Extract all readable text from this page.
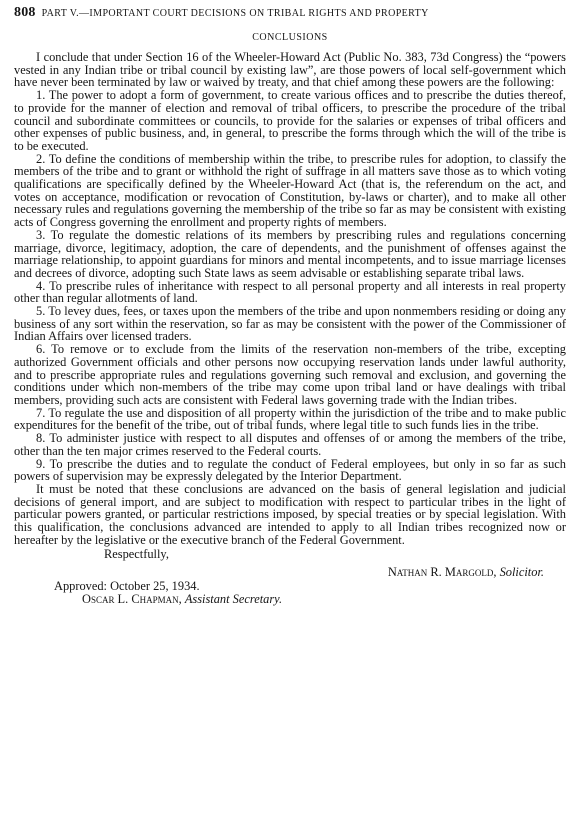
808 PART V.—IMPORTANT COURT DECISIONS ON TRIBAL RIGHTS AND PROPERTY
CONCLUSIONS

I conclude that under Section 16 of the Wheeler-Howard Act (Public No. 383, 73d Congress) the “powers vested in any Indian tribe or tribal council by existing law”, are those powers of local self-government which have never been terminated by law or waived by treaty, and that chief among these powers are the following:

1. The power to adopt a form of government, to create various offices and to prescribe the duties thereof, to provide for the manner of election and removal of tribal officers, to prescribe the procedure of the tribal council and subordinate committees or councils, to provide for the salaries or expenses of tribal officers and other expenses of public business, and, in general, to prescribe the forms through which the will of the tribe is to be executed.

2. To define the conditions of membership within the tribe, to prescribe rules for adoption, to classify the members of the tribe and to grant or withhold the right of suffrage in all matters save those as to which voting qualifications are specifically defined by the Wheeler-Howard Act (that is, the referendum on the act, and votes on acceptance, modification or revocation of Constitution, by-laws or charter), and to make all other necessary rules and regulations governing the membership of the tribe so far as may be consistent with existing acts of Congress governing the enrollment and property rights of members.

3. To regulate the domestic relations of its members by prescribing rules and regulations concerning marriage, divorce, legitimacy, adoption, the care of dependents, and the punishment of offenses against the marriage relationship, to appoint guardians for minors and mental incompetents, and to issue marriage licenses and decrees of divorce, adopting such State laws as seem advisable or establishing separate tribal laws.

4. To prescribe rules of inheritance with respect to all personal property and all interests in real property other than regular allotments of land.

5. To levey dues, fees, or taxes upon the members of the tribe and upon nonmembers residing or doing any business of any sort within the reservation, so far as may be consistent with the power of the Commissioner of Indian Affairs over licensed traders.

6. To remove or to exclude from the limits of the reservation non-members of the tribe, excepting authorized Government officials and other persons now occupying reservation lands under lawful authority, and to prescribe appropriate rules and regulations governing such removal and exclusion, and governing the conditions under which non-members of the tribe may come upon tribal land or have dealings with tribal members, providing such acts are consistent with Federal laws governing trade with the Indian tribes.

7. To regulate the use and disposition of all property within the jurisdiction of the tribe and to make public expenditures for the benefit of the tribe, out of tribal funds, where legal title to such funds lies in the tribe.

8. To administer justice with respect to all disputes and offenses of or among the members of the tribe, other than the ten major crimes reserved to the Federal courts.

9. To prescribe the duties and to regulate the conduct of Federal employees, but only in so far as such powers of supervision may be expressly delegated by the Interior Department.

It must be noted that these conclusions are advanced on the basis of general legislation and judicial decisions of general import, and are subject to modification with respect to particular tribes in the light of particular powers granted, or particular restrictions imposed, by special treaties or by special legislation. With this qualification, the conclusions advanced are intended to apply to all Indian tribes recognized now or hereafter by the legislative or the executive branch of the Federal Government.

Respectfully,
Nathan R. Margold, Solicitor.
Approved: October 25, 1934.
Oscar L. Chapman, Assistant Secretary.
